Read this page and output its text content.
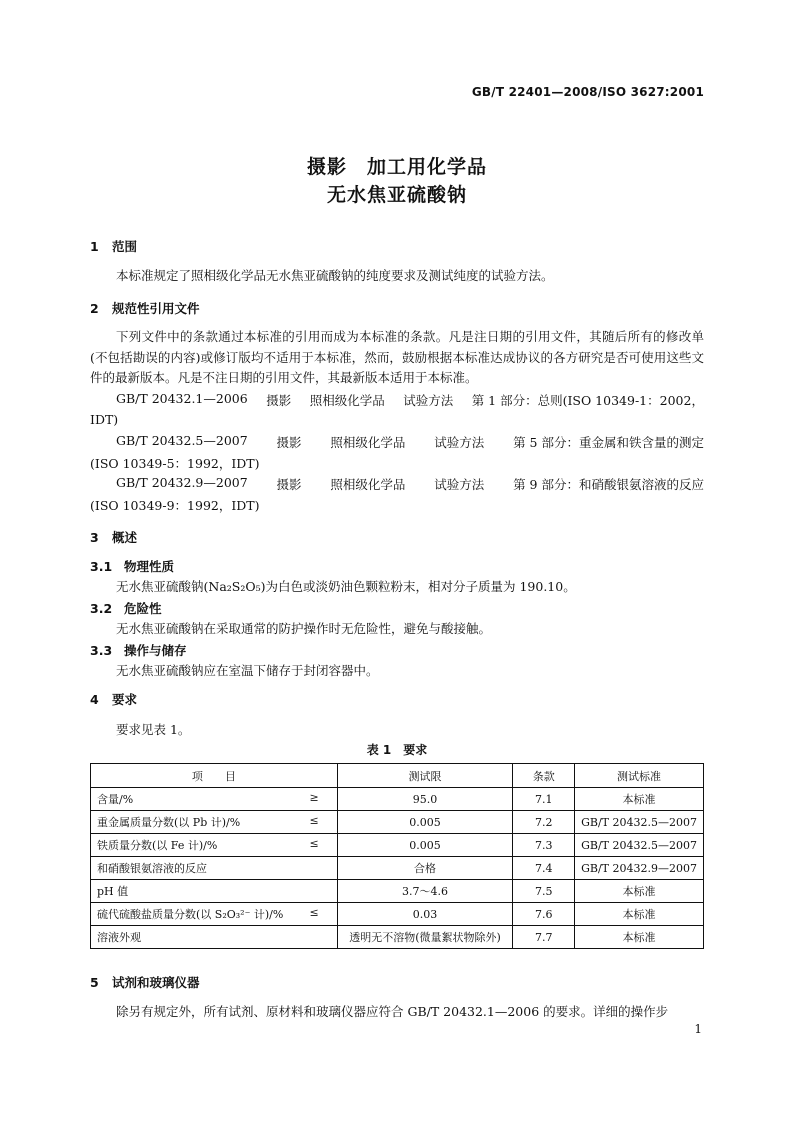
GB/T 22401—2008/ISO 3627:2001
摄影　加工用化学品
无水焦亚硫酸钠
1 范围
本标准规定了照相级化学品无水焦亚硫酸钠的纯度要求及测试纯度的试验方法。
2 规范性引用文件
下列文件中的条款通过本标准的引用而成为本标准的条款。凡是注日期的引用文件，其随后所有的修改单(不包括勘误的内容)或修订版均不适用于本标准，然而，鼓励根据本标准达成协议的各方研究是否可使用这些文件的最新版本。凡是不注日期的引用文件，其最新版本适用于本标准。
GB/T 20432.1—2006 摄影 照相级化学品 试验方法 第 1 部分：总则(ISO 10349-1：2002，
IDT)
GB/T 20432.5—2007 摄影 照相级化学品 试验方法 第 5 部分：重金属和铁含量的测定
(ISO 10349-5：1992，IDT)
GB/T 20432.9—2007 摄影 照相级化学品 试验方法 第 9 部分：和硝酸银氨溶液的反应
(ISO 10349-9：1992，IDT)
3 概述
3.1 物理性质
无水焦亚硫酸钠(Na₂S₂O₅)为白色或淡奶油色颗粒粉末，相对分子质量为 190.10。
3.2 危险性
无水焦亚硫酸钠在采取通常的防护操作时无危险性，避免与酸接触。
3.3 操作与储存
无水焦亚硫酸钠应在室温下储存于封闭容器中。
4 要求
要求见表 1。
表 1　要求
项　　目	测试限	条款	测试标准

含量/% ≥	95.0	7.1	本标准

重金属质量分数(以 Pb 计)/% ≤	0.005	7.2	GB/T 20432.5—2007

铁质量分数(以 Fe 计)/% ≤	0.005	7.3	GB/T 20432.5—2007

和硝酸银氨溶液的反应	合格	7.4	GB/T 20432.9—2007

pH 值	3.7～4.6	7.5	本标准

硫代硫酸盐质量分数(以 S₂O₃²⁻ 计)/% ≤	0.03	7.6	本标准

溶液外观	透明无不溶物(微量絮状物除外)	7.7	本标准
5 试剂和玻璃仪器
除另有规定外，所有试剂、原材料和玻璃仪器应符合 GB/T 20432.1—2006 的要求。详细的操作步
1
